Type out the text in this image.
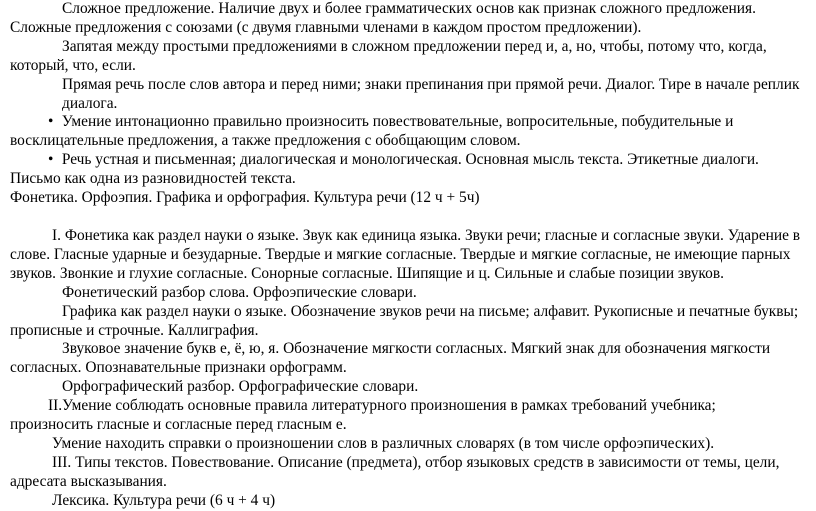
Сложное предложение. Наличие двух и более грамматических основ как признак сложного предложения. Сложные предложения с союзами (с двумя главными членами в каждом простом предложении).

Запятая между простыми предложениями в сложном предложении перед и, а, но, чтобы, потому что, когда, который, что, если.

Прямая речь после слов автора и перед ними; знаки препинания при прямой речи. Диалог. Тире в начале реплик диалога.

• Умение интонационно правильно произносить повествовательные, вопросительные, побудительные и восклицательные предложения, а также предложения с обобщающим словом.

• Речь устная и письменная; диалогическая и монологическая. Основная мысль текста. Этикетные диалоги. Письмо как одна из разновидностей текста.

Фонетика. Орфоэпия. Графика и орфография. Культура речи (12 ч + 5ч)

I. Фонетика как раздел науки о языке. Звук как единица языка. Звуки речи; гласные и согласные звуки. Ударение в слове. Гласные ударные и безударные. Твердые и мягкие согласные. Твердые и мягкие согласные, не имеющие парных звуков. Звонкие и глухие согласные. Сонорные согласные. Шипящие и ц. Сильные и слабые позиции звуков.

Фонетический разбор слова. Орфоэпические словари.

Графика как раздел науки о языке. Обозначение звуков речи на письме; алфавит. Рукописные и печатные буквы; прописные и строчные. Каллиграфия.

Звуковое значение букв е, ё, ю, я. Обозначение мягкости согласных. Мягкий знак для обозначения мягкости согласных. Опознавательные признаки орфограмм.

Орфографический разбор. Орфографические словари.

II.Умение соблюдать основные правила литературного произношения в рамках требований учебника; произносить гласные и согласные перед гласным е.

Умение находить справки о произношении слов в различных словарях (в том числе орфоэпических).

III. Типы текстов. Повествование. Описание (предмета), отбор языковых средств в зависимости от темы, цели, адресата высказывания.

Лексика. Культура речи (6 ч + 4 ч)
